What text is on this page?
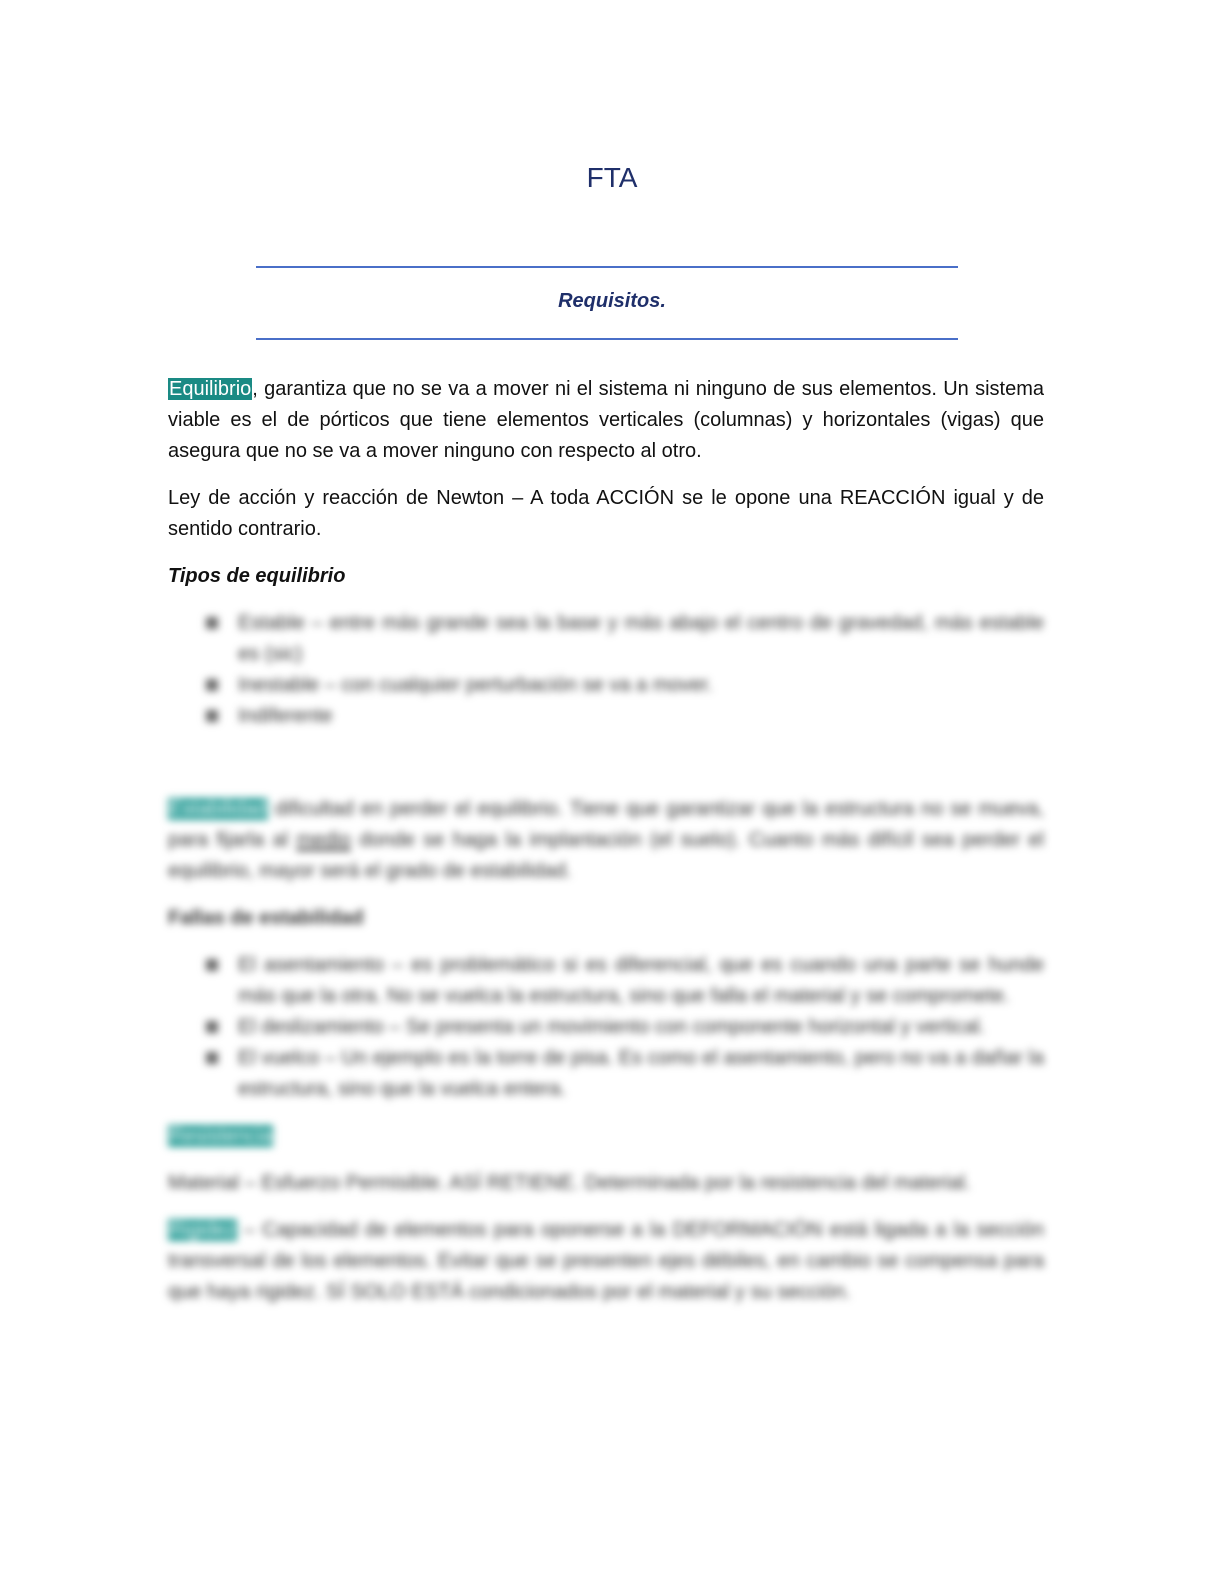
FTA
Requisitos.

Equilibrio, garantiza que no se va a mover ni el sistema ni ninguno de sus elementos. Un sistema viable es el de pórticos que tiene elementos verticales (columnas) y horizontales (vigas) que asegura que no se va a mover ninguno con respecto al otro.

Ley de acción y reacción de Newton – A toda ACCIÓN se le opone una REACCIÓN igual y de sentido contrario.

Tipos de equilibrio

Estable – entre más grande sea la base y más abajo el centro de gravedad, más estable es (sic)
Inestable – con cualquier perturbación se va a mover.
Indiferente

Estabilidad dificultad en perder el equilibrio. Tiene que garantizar que la estructura no se mueva, para fijarla al medio donde se haga la implantación (el suelo). Cuanto más difícil sea perder el equilibrio, mayor será el grado de estabilidad.

Fallas de estabilidad

El asentamiento – es problemático si es diferencial, que es cuando una parte se hunde más que la otra. No se vuelca la estructura, sino que falla el material y se compromete.
El deslizamiento – Se presenta un movimiento con componente horizontal y vertical.
El vuelco – Un ejemplo es la torre de pisa. Es como el asentamiento, pero no va a dañar la estructura, sino que la vuelca entera.

Resistencia

Material – Esfuerzo Permisible. ASÍ RETIENE. Determinada por la resistencia del material.

Rigidez – Capacidad de elementos para oponerse a la DEFORMACIÓN está ligada a la sección transversal de los elementos. Evitar que se presenten ejes débiles, en cambio se compensa para que haya rigidez. SÍ SOLO ESTÁ condicionados por el material y su sección.
